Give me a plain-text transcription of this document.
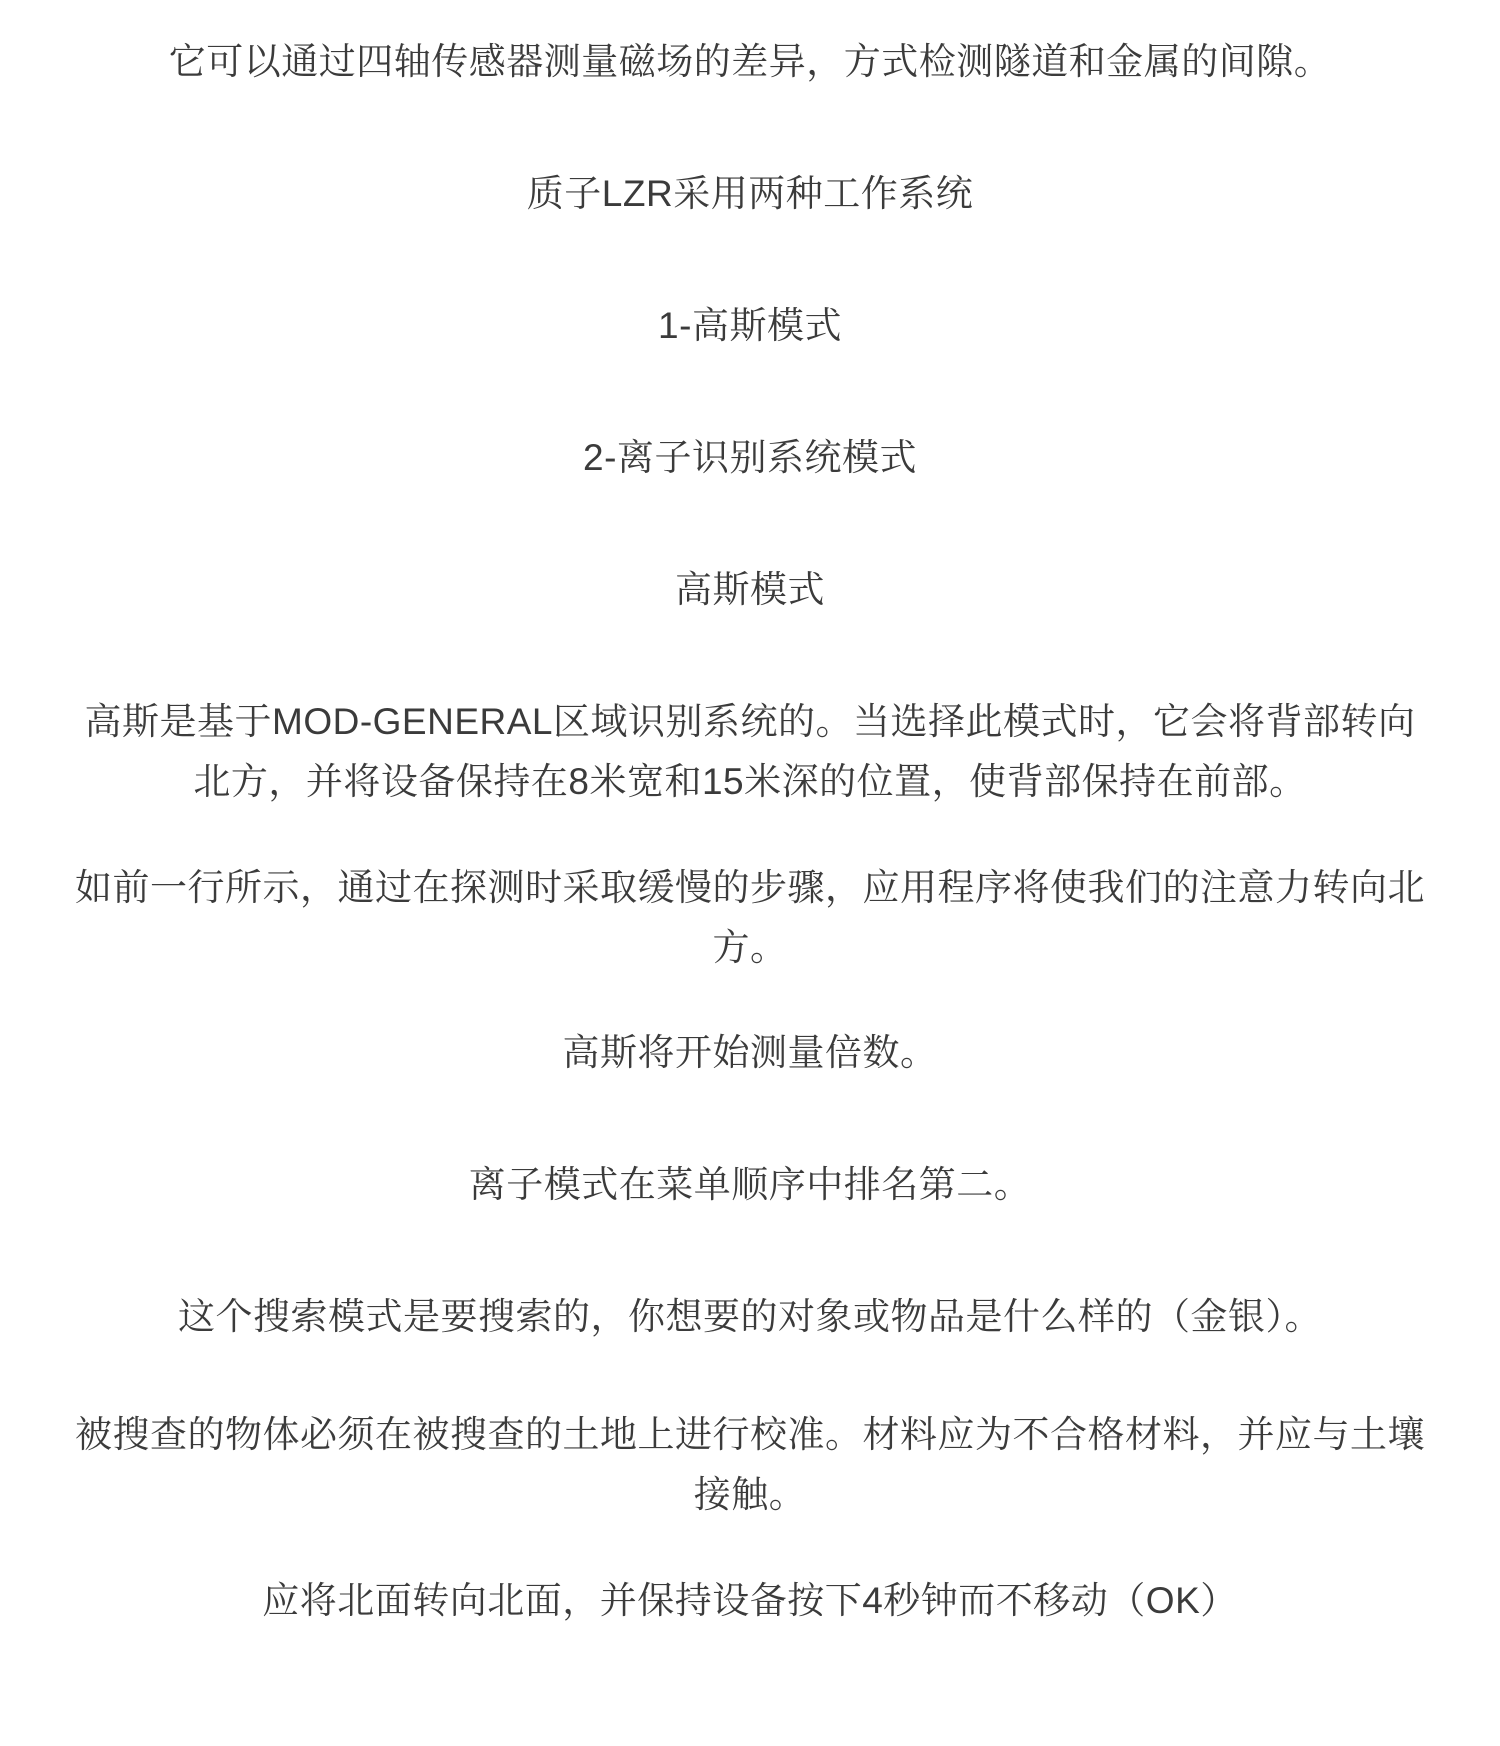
它可以通过四轴传感器测量磁场的差异，方式检测隧道和金属的间隙。

质子LZR采用两种工作系统

1-高斯模式

2-离子识别系统模式

高斯模式

高斯是基于MOD-GENERAL区域识别系统的。当选择此模式时，它会将背部转向北方，并将设备保持在8米宽和15米深的位置，使背部保持在前部。

如前一行所示，通过在探测时采取缓慢的步骤，应用程序将使我们的注意力转向北方。

高斯将开始测量倍数。

离子模式在菜单顺序中排名第二。

这个搜索模式是要搜索的，你想要的对象或物品是什么样的（金银）。

被搜查的物体必须在被搜查的土地上进行校准。材料应为不合格材料，并应与土壤接触。

应将北面转向北面，并保持设备按下4秒钟而不移动（OK）
